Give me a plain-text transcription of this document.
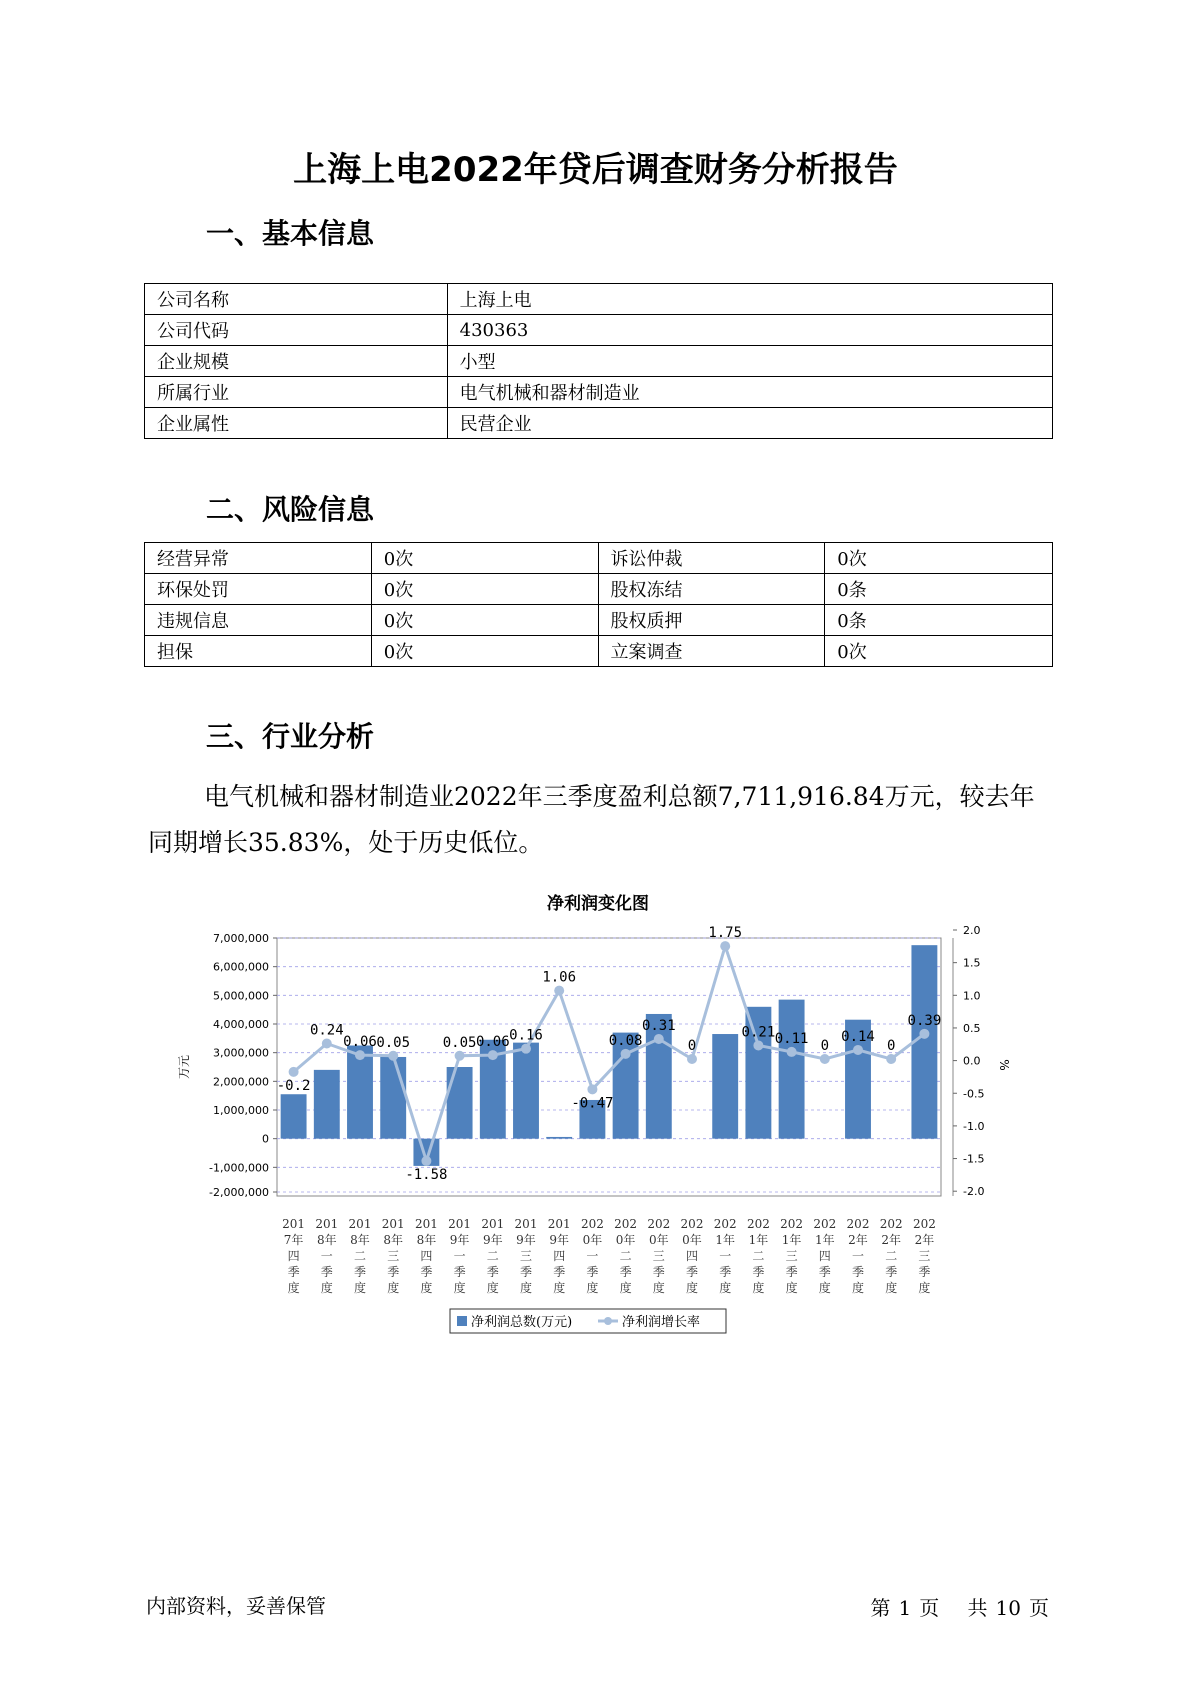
上海上电2022年贷后调查财务分析报告
一、基本信息
公司名称	上海上电
公司代码	430363
企业规模	小型
所属行业	电气机械和器材制造业
企业属性	民营企业
二、风险信息
经营异常	0次	诉讼仲裁	0次
环保处罚	0次	股权冻结	0条
违规信息	0次	股权质押	0条
担保	0次	立案调查	0次
三、行业分析
电气机械和器材制造业2022年三季度盈利总额7,711,916.84万元，较去年同期增长35.83%，处于历史低位。
净利润变化图
7,000,000
6,000,000
5,000,000
4,000,000
3,000,000
2,000,000
1,000,000
0
-1,000,000
-2,000,000
2.0
1.5
1.0
0.5
0.0
-0.5
-1.0
-1.5
-2.0
万元	%
-0.2
0.24
0.06 0.05
-1.58
0.05 0.06 0.16
1.06
-0.47
0.08
0.31
0
1.75
0.21 0.11 0
0.14
0
0.39
201
7年
四
季
度
201
8年
一
季
度
201
8年
二
季
度
201
8年
三
季
度
201
8年
四
季
度
201
9年
一
季
度
201
9年
二
季
度
201
9年
三
季
度
201
9年
四
季
度
202
0年
一
季
度
202
0年
二
季
度
202
0年
三
季
度
202
0年
四
季
度
202
1年
一
季
度
202
1年
二
季
度
202
1年
三
季
度
202
1年
四
季
度
202
2年
一
季
度
202
2年
二
季
度
202
2年
三
季
度
净利润总数(万元)	净利润增长率
内部资料，妥善保管	第 1 页 共 10 页
